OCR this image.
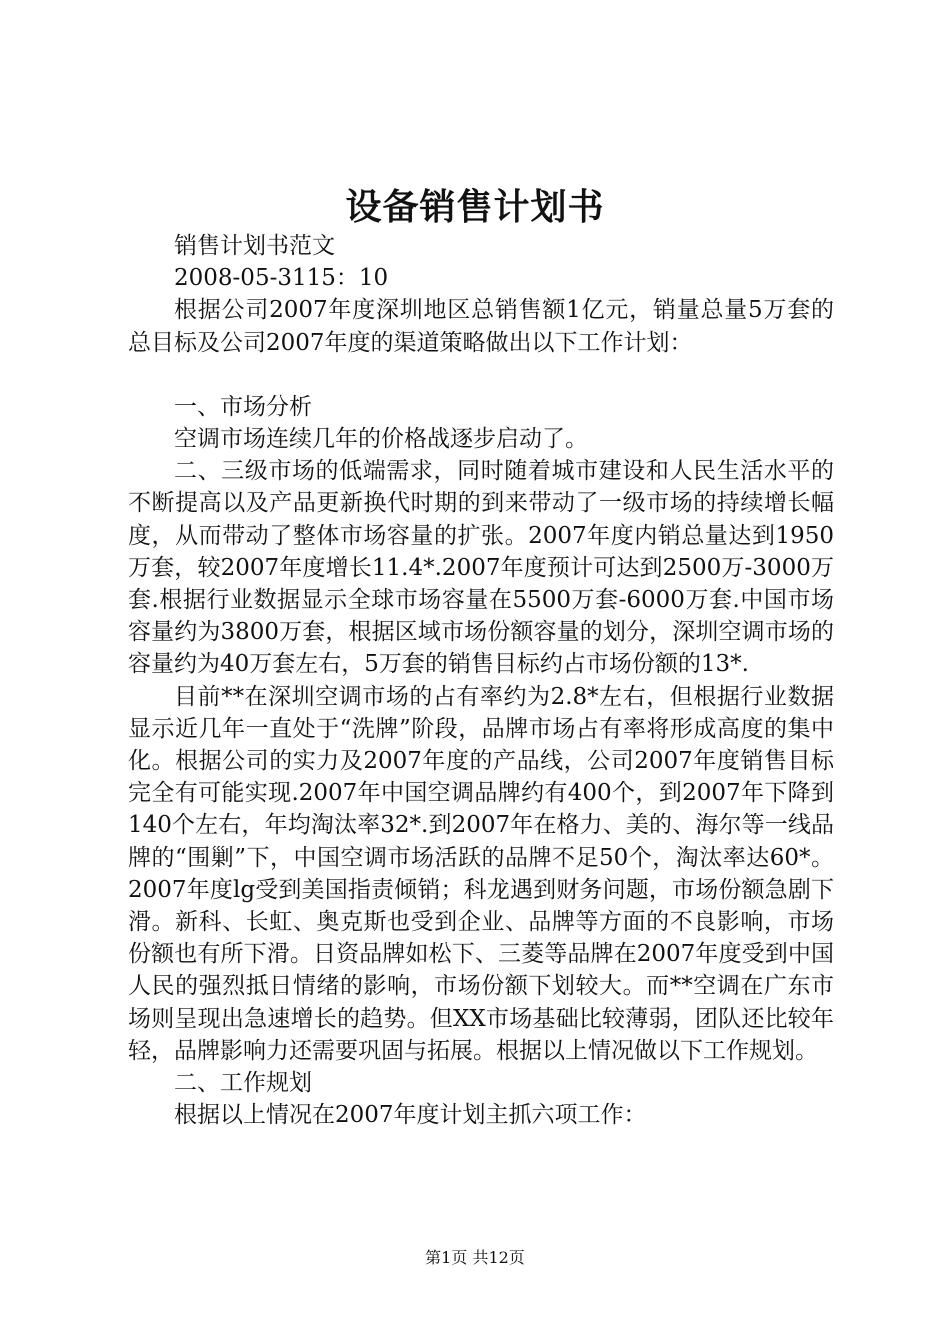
设备销售计划书

销售计划书范文

2008-05-3115：10

根据公司2007年度深圳地区总销售额1亿元，销量总量5万套的总目标及公司2007年度的渠道策略做出以下工作计划：

一、市场分析

空调市场连续几年的价格战逐步启动了。

二、三级市场的低端需求，同时随着城市建设和人民生活水平的不断提高以及产品更新换代时期的到来带动了一级市场的持续增长幅度，从而带动了整体市场容量的扩张。2007年度内销总量达到1950万套，较2007年度增长11.4*.2007年度预计可达到2500万-3000万套.根据行业数据显示全球市场容量在5500万套-6000万套.中国市场容量约为3800万套，根据区域市场份额容量的划分，深圳空调市场的容量约为40万套左右，5万套的销售目标约占市场份额的13*.

目前**在深圳空调市场的占有率约为2.8*左右，但根据行业数据显示近几年一直处于“洗牌”阶段，品牌市场占有率将形成高度的集中化。根据公司的实力及2007年度的产品线，公司2007年度销售目标完全有可能实现.2007年中国空调品牌约有400个，到2007年下降到140个左右，年均淘汰率32*.到2007年在格力、美的、海尔等一线品牌的“围剿”下，中国空调市场活跃的品牌不足50个，淘汰率达60*。2007年度lg受到美国指责倾销；科龙遇到财务问题，市场份额急剧下滑。新科、长虹、奥克斯也受到企业、品牌等方面的不良影响，市场份额也有所下滑。日资品牌如松下、三菱等品牌在2007年度受到中国人民的强烈抵日情绪的影响，市场份额下划较大。而**空调在广东市场则呈现出急速增长的趋势。但XX市场基础比较薄弱，团队还比较年轻，品牌影响力还需要巩固与拓展。根据以上情况做以下工作规划。

二、工作规划

根据以上情况在2007年度计划主抓六项工作：

第1页 共12页
